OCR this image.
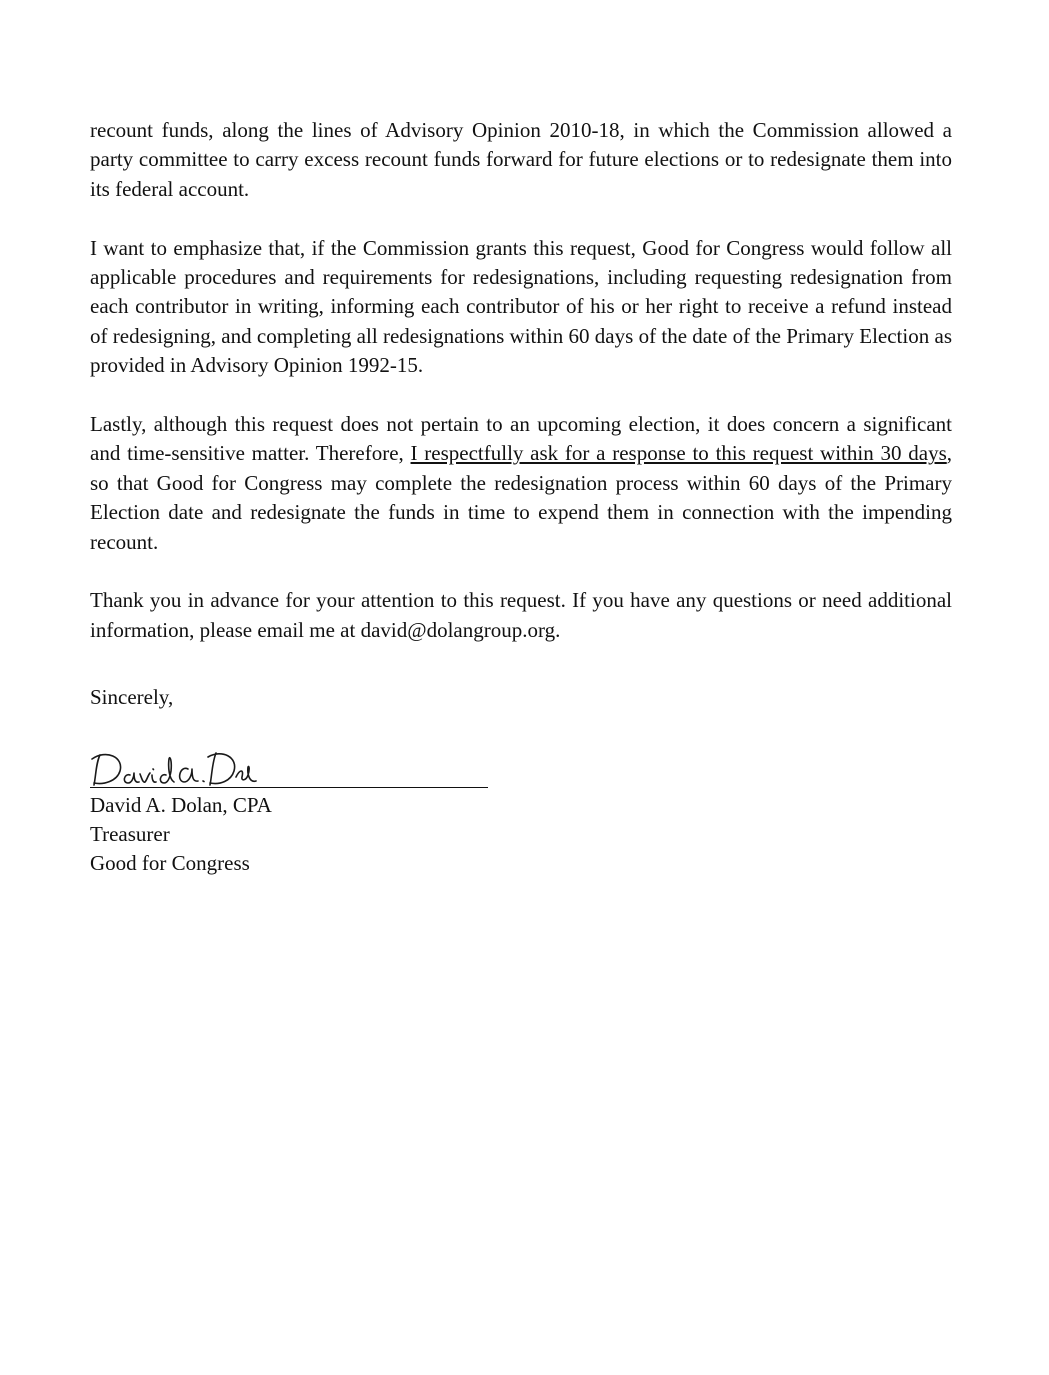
recount funds, along the lines of Advisory Opinion 2010-18, in which the Commission allowed a party committee to carry excess recount funds forward for future elections or to redesignate them into its federal account.

I want to emphasize that, if the Commission grants this request, Good for Congress would follow all applicable procedures and requirements for redesignations, including requesting redesignation from each contributor in writing, informing each contributor of his or her right to receive a refund instead of redesigning, and completing all redesignations within 60 days of the date of the Primary Election as provided in Advisory Opinion 1992-15.

Lastly, although this request does not pertain to an upcoming election, it does concern a significant and time-sensitive matter. Therefore, I respectfully ask for a response to this request within 30 days, so that Good for Congress may complete the redesignation process within 60 days of the Primary Election date and redesignate the funds in time to expend them in connection with the impending recount.

Thank you in advance for your attention to this request. If you have any questions or need additional information, please email me at david@dolangroup.org.

Sincerely,

David A. Dolan, CPA
Treasurer
Good for Congress
